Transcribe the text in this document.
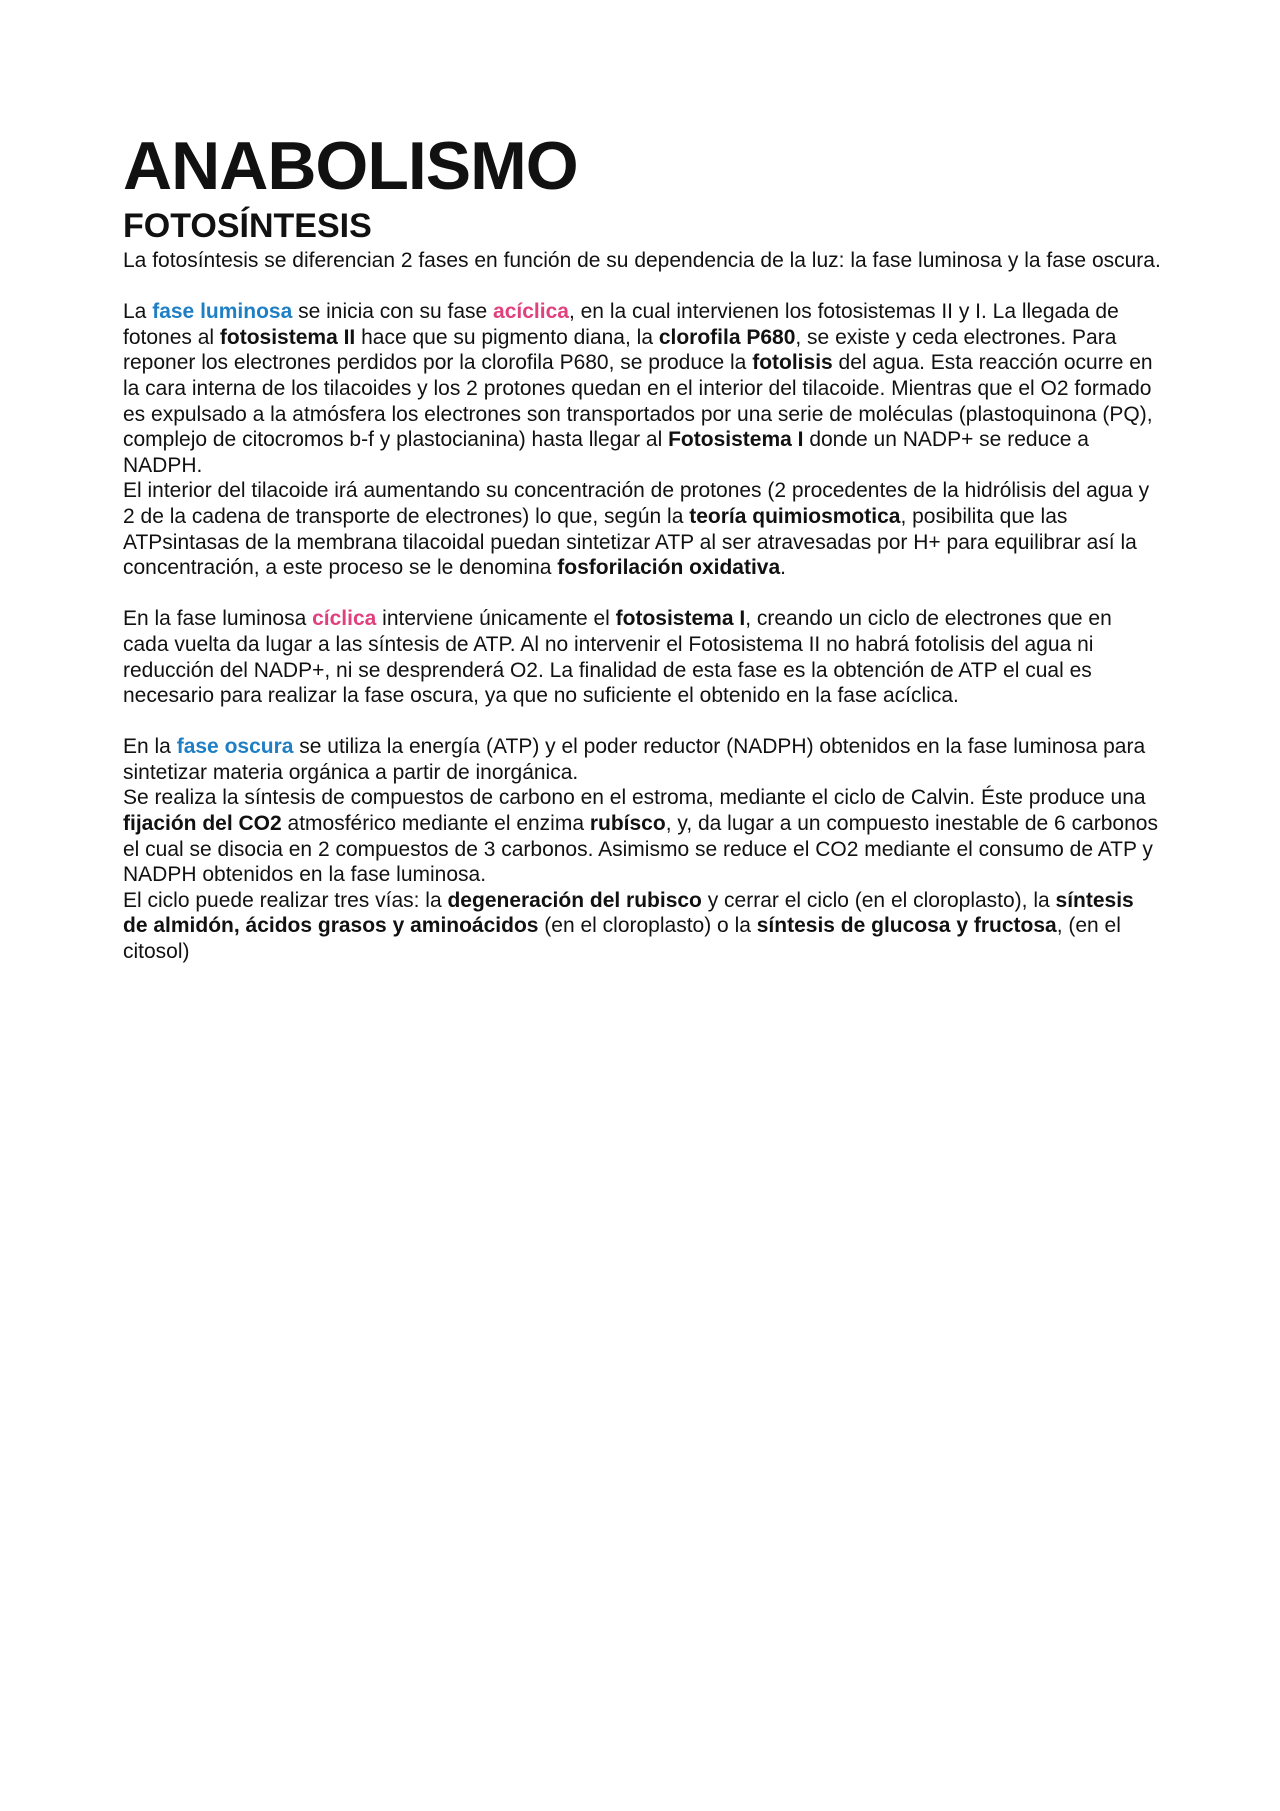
ANABOLISMO
FOTOSÍNTESIS

La fotosíntesis se diferencian 2 fases en función de su dependencia de la luz: la fase luminosa y la fase oscura.

La fase luminosa se inicia con su fase acíclica, en la cual intervienen los fotosistemas II y I. La llegada de fotones al fotosistema II hace que su pigmento diana, la clorofila P680, se existe y ceda electrones. Para reponer los electrones perdidos por la clorofila P680, se produce la fotolisis del agua. Esta reacción ocurre en la cara interna de los tilacoides y los 2 protones quedan en el interior del tilacoide. Mientras que el O2 formado es expulsado a la atmósfera los electrones son transportados por una serie de moléculas (plastoquinona (PQ), complejo de citocromos b-f y plastocianina) hasta llegar al Fotosistema I donde un NADP+ se reduce a NADPH.

El interior del tilacoide irá aumentando su concentración de protones (2 procedentes de la hidrólisis del agua y 2 de la cadena de transporte de electrones) lo que, según la teoría quimiosmotica, posibilita que las ATPsintasas de la membrana tilacoidal puedan sintetizar ATP al ser atravesadas por H+ para equilibrar así la concentración, a este proceso se le denomina fosforilación oxidativa.

En la fase luminosa cíclica interviene únicamente el fotosistema I, creando un ciclo de electrones que en cada vuelta da lugar a las síntesis de ATP. Al no intervenir el Fotosistema II no habrá fotolisis del agua ni reducción del NADP+, ni se desprenderá O2. La finalidad de esta fase es la obtención de ATP el cual es necesario para realizar la fase oscura, ya que no suficiente el obtenido en la fase acíclica.

En la fase oscura se utiliza la energía (ATP) y el poder reductor (NADPH) obtenidos en la fase luminosa para sintetizar materia orgánica a partir de inorgánica.

Se realiza la síntesis de compuestos de carbono en el estroma, mediante el ciclo de Calvin. Éste produce una fijación del CO2 atmosférico mediante el enzima rubísco, y, da lugar a un compuesto inestable de 6 carbonos el cual se disocia en 2 compuestos de 3 carbonos. Asimismo se reduce el CO2 mediante el consumo de ATP y NADPH obtenidos en la fase luminosa.

El ciclo puede realizar tres vías: la degeneración del rubisco y cerrar el ciclo (en el cloroplasto), la síntesis de almidón, ácidos grasos y aminoácidos (en el cloroplasto) o la síntesis de glucosa y fructosa, (en el citosol)
